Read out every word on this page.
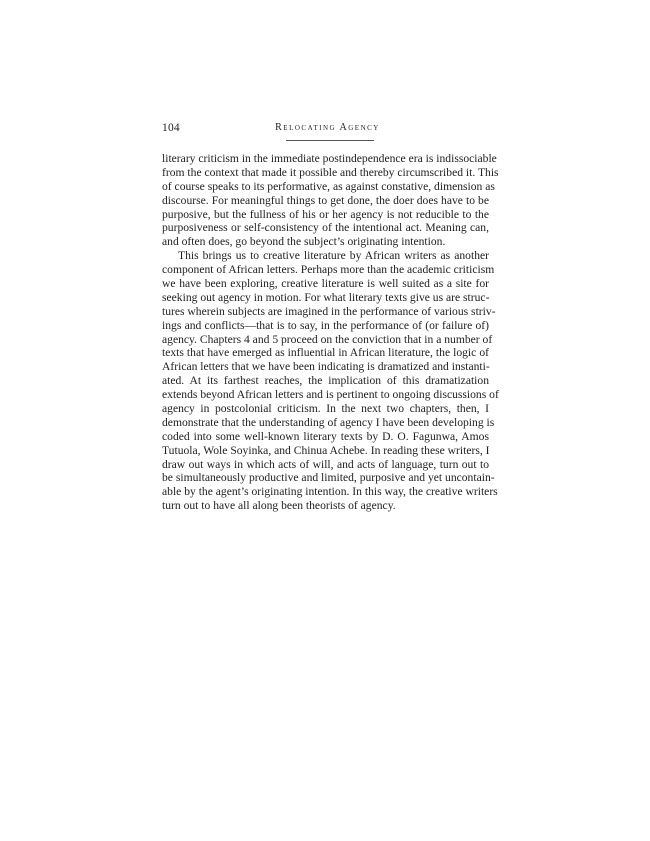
104	Relocating Agency
literary criticism in the immediate postindependence era is indissociable
from the context that made it possible and thereby circumscribed it. This
of course speaks to its performative, as against constative, dimension as
discourse. For meaningful things to get done, the doer does have to be
purposive, but the fullness of his or her agency is not reducible to the
purposiveness or self-consistency of the intentional act. Meaning can,
and often does, go beyond the subject’s originating intention.
This brings us to creative literature by African writers as another
component of African letters. Perhaps more than the academic criticism
we have been exploring, creative literature is well suited as a site for
seeking out agency in motion. For what literary texts give us are struc-
tures wherein subjects are imagined in the performance of various striv-
ings and conflicts—that is to say, in the performance of (or failure of)
agency. Chapters 4 and 5 proceed on the conviction that in a number of
texts that have emerged as influential in African literature, the logic of
African letters that we have been indicating is dramatized and instanti-
ated. At its farthest reaches, the implication of this dramatization
extends beyond African letters and is pertinent to ongoing discussions of
agency in postcolonial criticism. In the next two chapters, then, I
demonstrate that the understanding of agency I have been developing is
coded into some well-known literary texts by D. O. Fagunwa, Amos
Tutuola, Wole Soyinka, and Chinua Achebe. In reading these writers, I
draw out ways in which acts of will, and acts of language, turn out to
be simultaneously productive and limited, purposive and yet uncontain-
able by the agent’s originating intention. In this way, the creative writers
turn out to have all along been theorists of agency.
